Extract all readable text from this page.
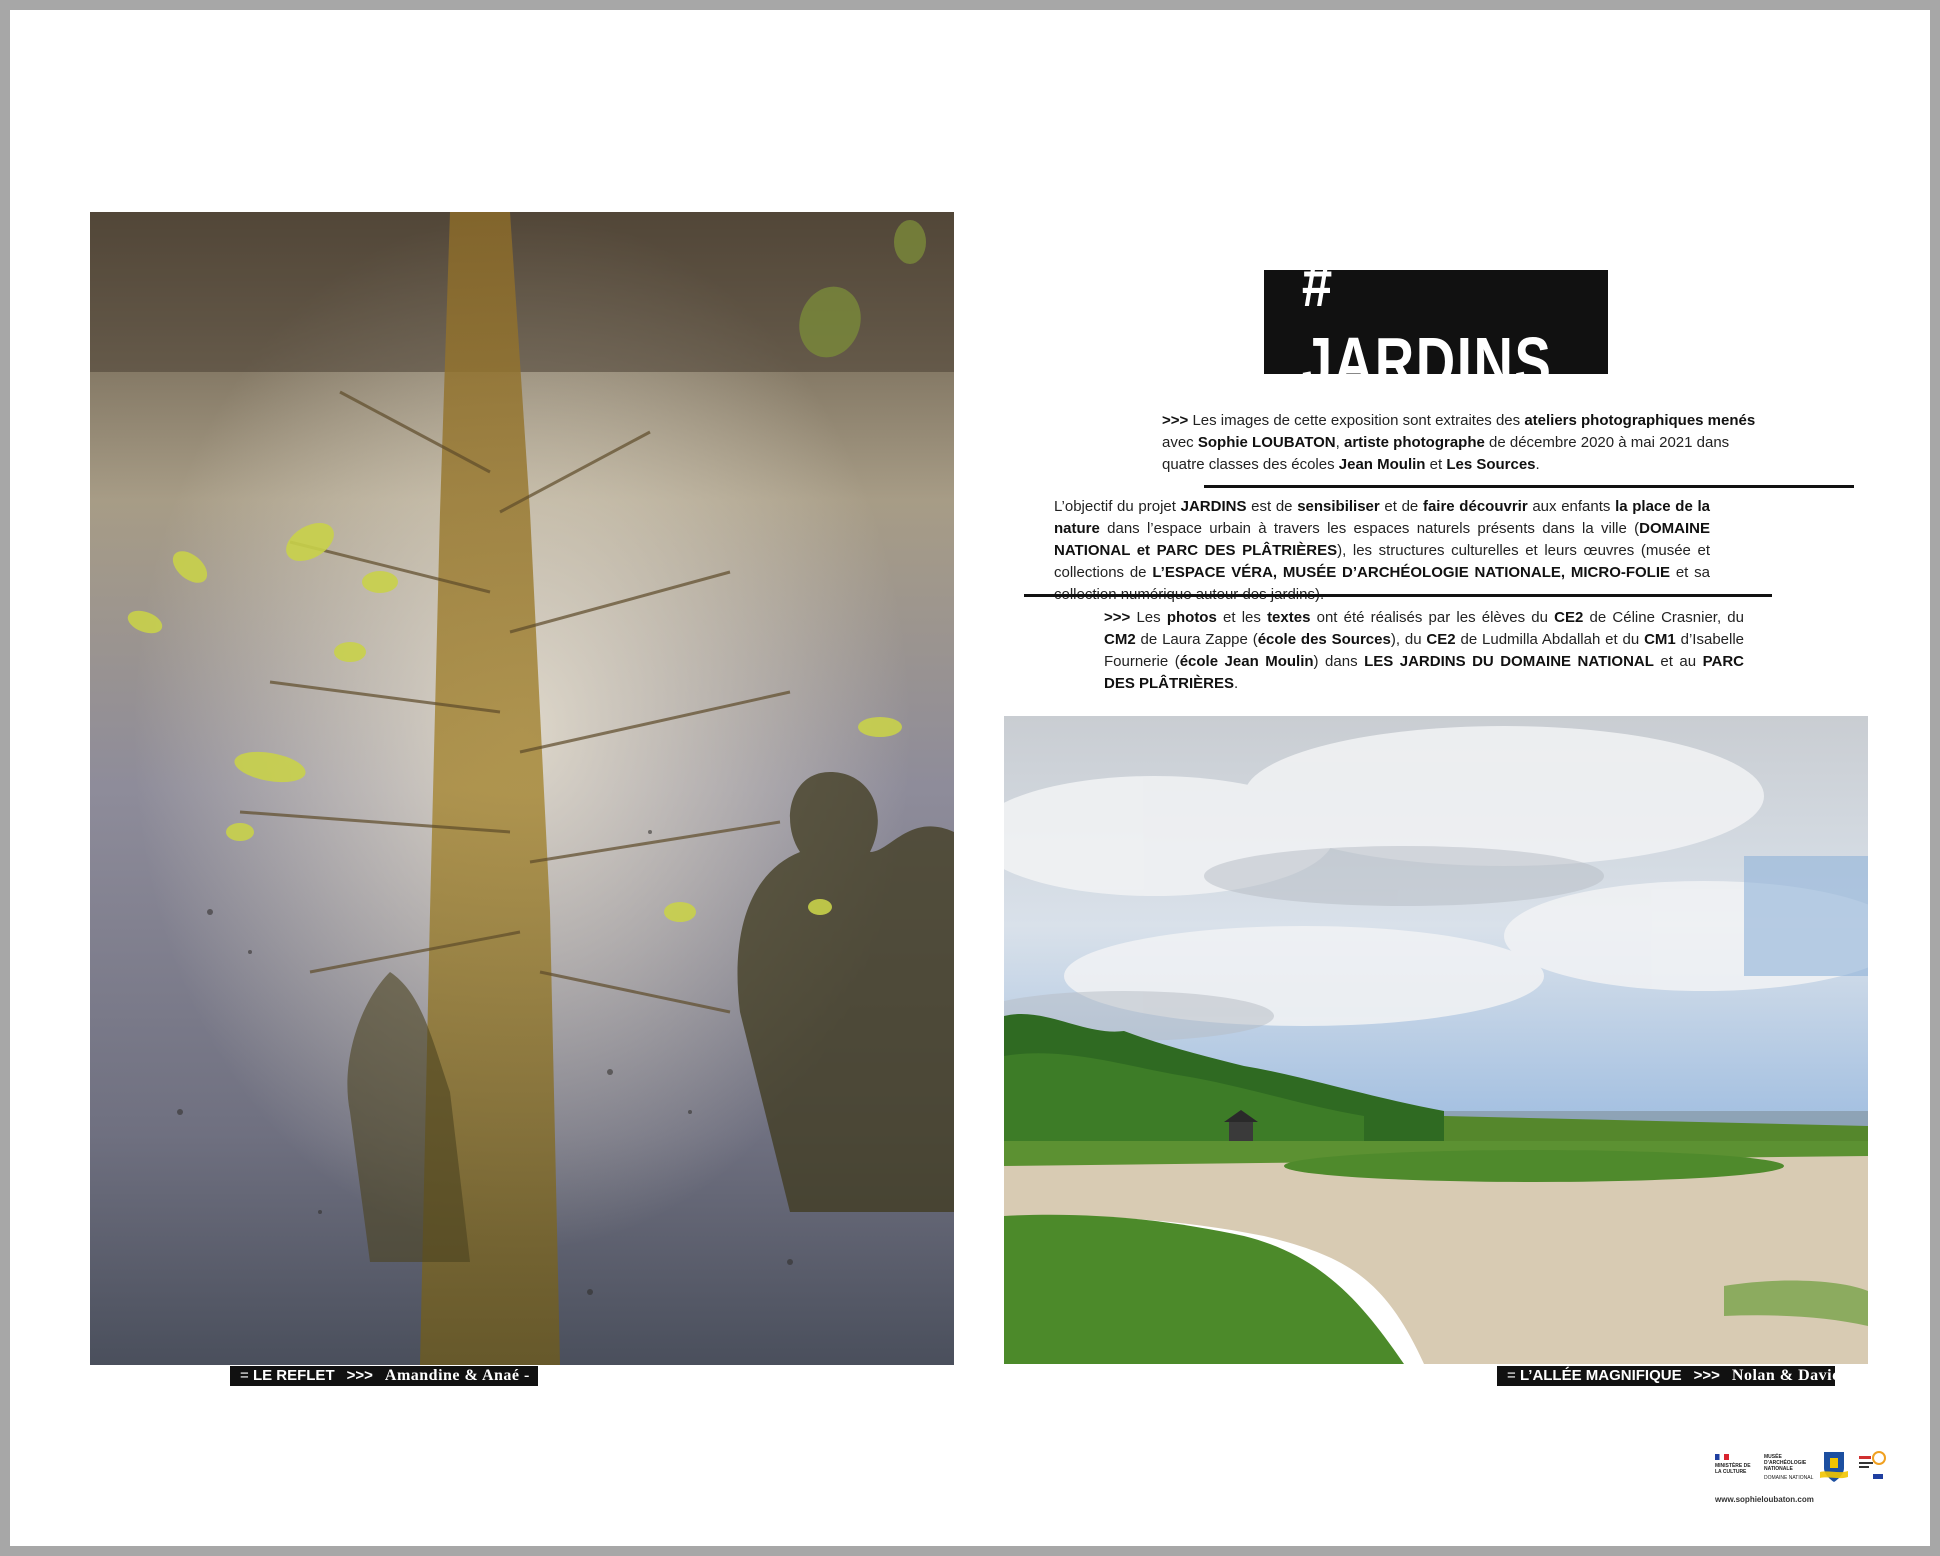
= LE REFLET >>> Amandine & Anaé -	= L’ALLÉE MAGNIFIQUE >>> Nolan & Davide -
# JARDINS
>>> Les images de cette exposition sont extraites des ateliers photographiques menés avec Sophie LOUBATON, artiste photographe de décembre 2020 à mai 2021 dans quatre classes des écoles Jean Moulin et Les Sources.
L’objectif du projet JARDINS est de sensibiliser et de faire découvrir aux enfants la place de la nature dans l’espace urbain à travers les espaces naturels présents dans la ville (DOMAINE NATIONAL et PARC DES PLÂTRIÈRES), les structures culturelles et leurs œuvres (musée et collections de L’ESPACE VÉRA, MUSÉE D’ARCHÉOLOGIE NATIONALE, MICRO-FOLIE et sa
>>> Les photos et les textes ont été réalisés par les élèves du CE2 de Céline Crasnier, du CM2 de Laura Zappe (école des Sources), du CE2 de Ludmilla Abdallah et du CM1 d’Isabelle Fournerie (école Jean Moulin) dans LES JARDINS DU DOMAINE NATIONAL et au PARC DES PLÂTRIÈRES.
MINISTÈRE DE LA CULTURE
MUSÉE D’ARCHÉOLOGIE NATIONALE
DOMAINE NATIONAL
www.sophieloubaton.com
